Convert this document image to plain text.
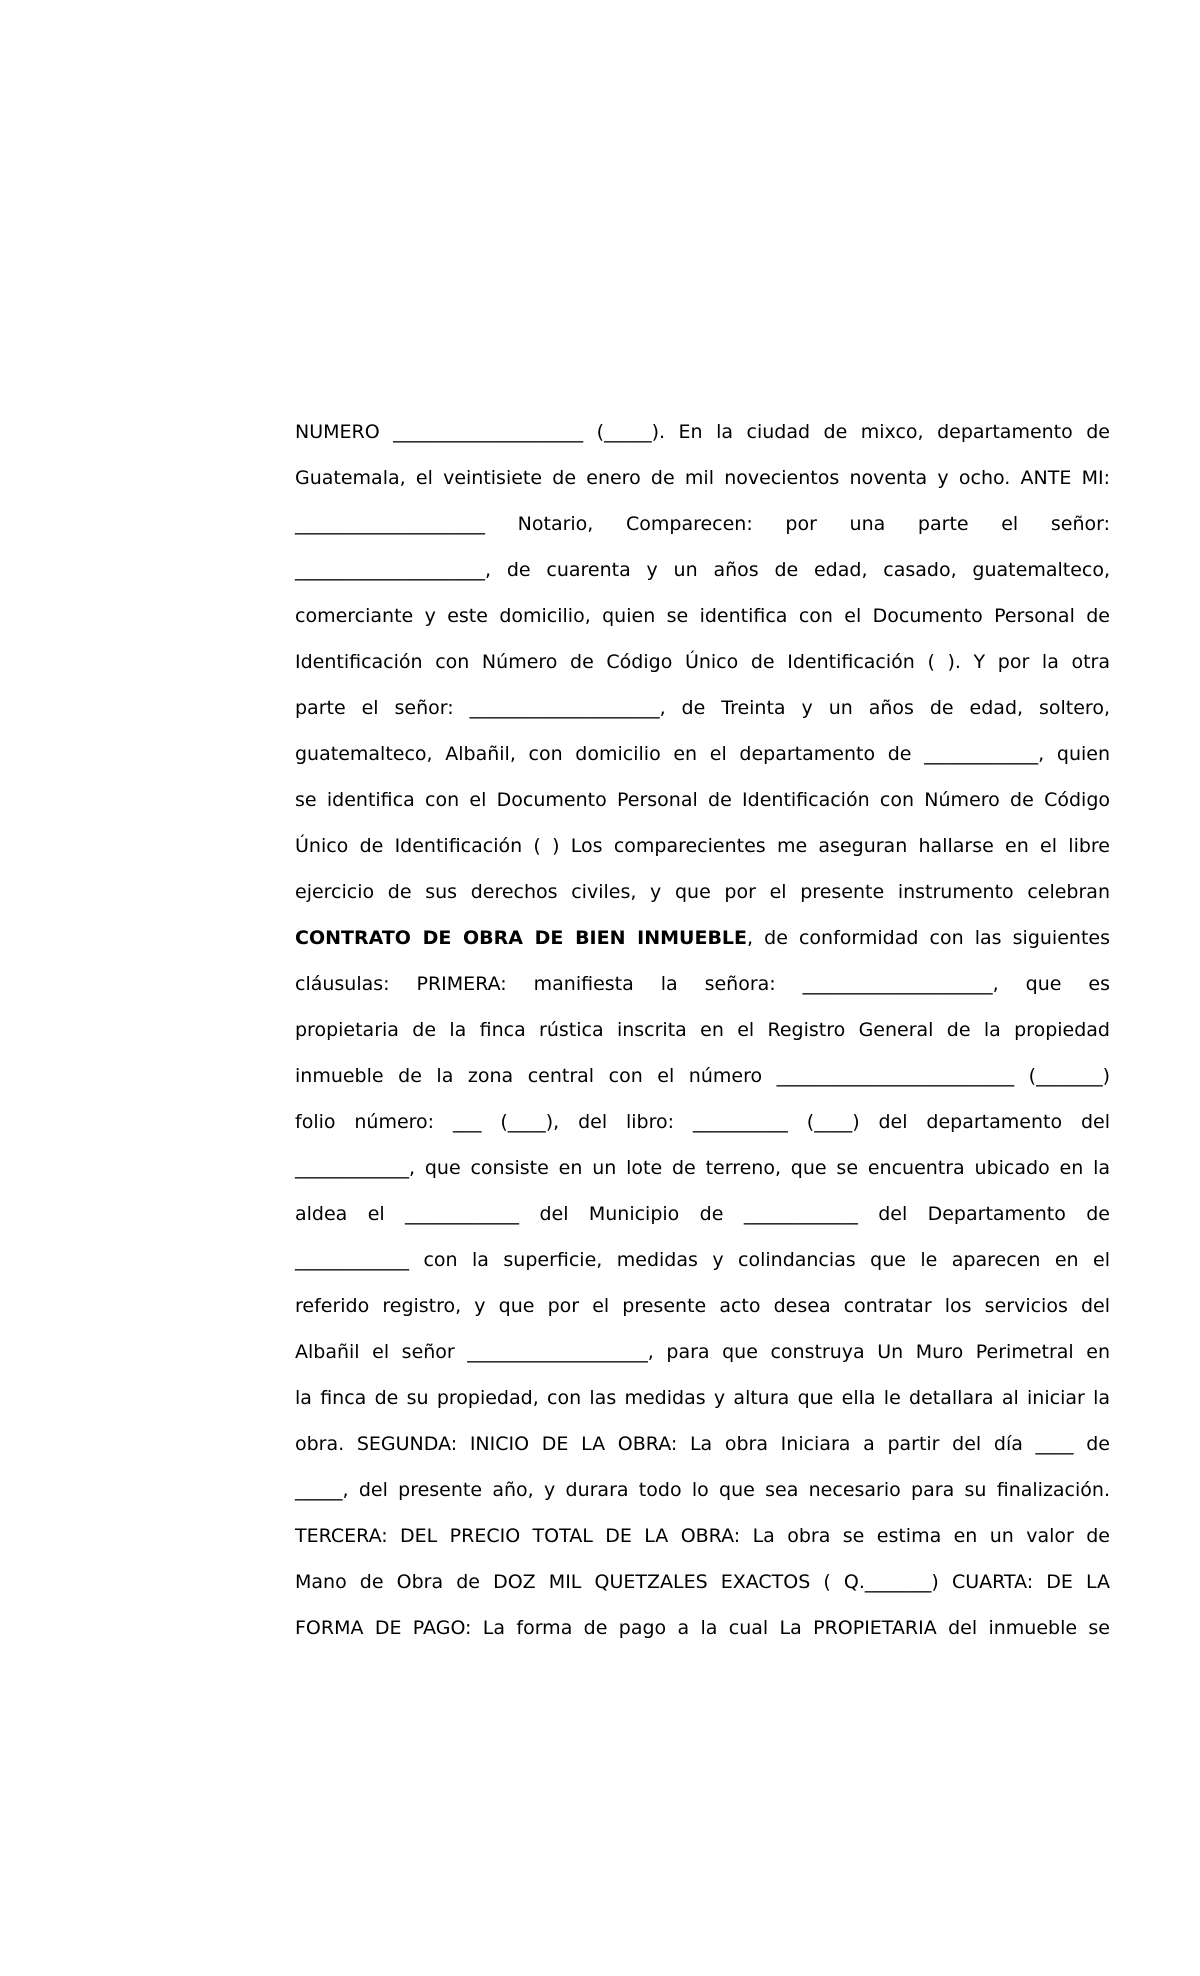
NUMERO ____________________ (_____). En la ciudad de mixco, departamento de
Guatemala, el veintisiete de enero de mil novecientos noventa y ocho. ANTE MI:
____________________ Notario, Comparecen: por una parte el señor:
____________________, de cuarenta y un años de edad, casado, guatemalteco,
comerciante y este domicilio, quien se identifica con el Documento Personal de
Identificación con Número de Código Único de Identificación ( ). Y por la otra
parte el señor: ____________________, de Treinta y un años de edad, soltero,
guatemalteco, Albañil, con domicilio en el departamento de ____________, quien
se identifica con el Documento Personal de Identificación con Número de Código
Único de Identificación ( ) Los comparecientes me aseguran hallarse en el libre
ejercicio de sus derechos civiles, y que por el presente instrumento celebran
CONTRATO DE OBRA DE BIEN INMUEBLE, de conformidad con las siguientes
cláusulas: PRIMERA: manifiesta la señora: ____________________, que es
propietaria de la finca rústica inscrita en el Registro General de la propiedad
inmueble de la zona central con el número _________________________ (_______)
folio número: ___ (____), del libro: __________ (____) del departamento del
____________, que consiste en un lote de terreno, que se encuentra ubicado en la
aldea el ____________ del Municipio de ____________ del Departamento de
____________ con la superficie, medidas y colindancias que le aparecen en el
referido registro, y que por el presente acto desea contratar los servicios del
Albañil el señor ___________________, para que construya Un Muro Perimetral en
la finca de su propiedad, con las medidas y altura que ella le detallara al iniciar la
obra. SEGUNDA: INICIO DE LA OBRA: La obra Iniciara a partir del día ____ de
_____, del presente año, y durara todo lo que sea necesario para su finalización.
TERCERA: DEL PRECIO TOTAL DE LA OBRA: La obra se estima en un valor de
Mano de Obra de DOZ MIL QUETZALES EXACTOS ( Q._______) CUARTA: DE LA
FORMA DE PAGO: La forma de pago a la cual La PROPIETARIA del inmueble se
